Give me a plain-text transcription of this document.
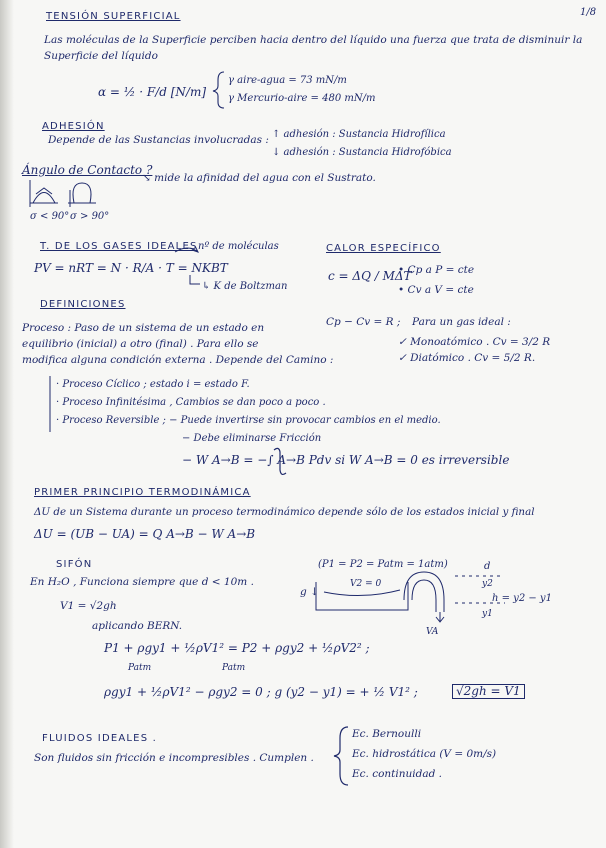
1/8
TENSIÓN SUPERFICIAL
Las moléculas de la Superficie perciben hacia dentro del líquido una fuerza que trata de disminuir la
Superficie del líquido
α = ½ · F/d [N/m]
γ aire-agua = 73 mN/m
γ Mercurio-aire = 480 mN/m
ADHESIÓN
Depende de las Sustancias involucradas : ↑ adhesión : Sustancia Hidrofílica
↓ adhesión : Sustancia Hidrofóbica
Ángulo de Contacto ?
↘ mide la afinidad del agua con el Sustrato.
σ < 90° σ > 90°
T. DE LOS GASES IDEALES nº de moléculas
PV = nRT = N · R/A · T = NKBT
↳ K de Boltzman
CALOR ESPECÍFICO
c = ΔQ / MΔT
• Cp a P = cte
• Cv a V = cte
Cp − Cv = R ; Para un gas ideal :
✓ Monoatómico . Cv = 3/2 R
✓ Diatómico . Cv = 5/2 R.
DEFINICIONES
Proceso : Paso de un sistema de un estado en
equilibrio (inicial) a otro (final) . Para ello se
modifica alguna condición externa . Depende del Camino :
· Proceso Cíclico ; estado i = estado F.
· Proceso Infinitésima , Cambios se dan poco a poco .
· Proceso Reversible ; − Puede invertirse sin provocar cambios en el medio.
− Debe eliminarse Fricción
− W A→B = −∫ A→B Pdv si W A→B = 0 es irreversible
PRIMER PRINCIPIO TERMODINÁMICA
ΔU de un Sistema durante un proceso termodinámico depende sólo de los estados inicial y final
ΔU = (UB − UA) = Q A→B − W A→B
SIFÓN
En H₂O , Funciona siempre que d < 10m .
V1 = √2gh
aplicando BERN.
(P1 = P2 = Patm = 1atm)
V2 = 0
g ↓
d
y2
h = y2 − y1
y1
VA
P1 + ρgy1 + ½ρV1² = P2 + ρgy2 + ½ρV2² ;
Patm	Patm
ρgy1 + ½ρV1² − ρgy2 = 0 ; g (y2 − y1) = + ½ V1² ;	√2gh = V1
FLUIDOS IDEALES .
Son fluidos sin fricción e incompresibles . Cumplen .
Ec. Bernoulli
Ec. hidrostática (V = 0m/s)
Ec. continuidad .
